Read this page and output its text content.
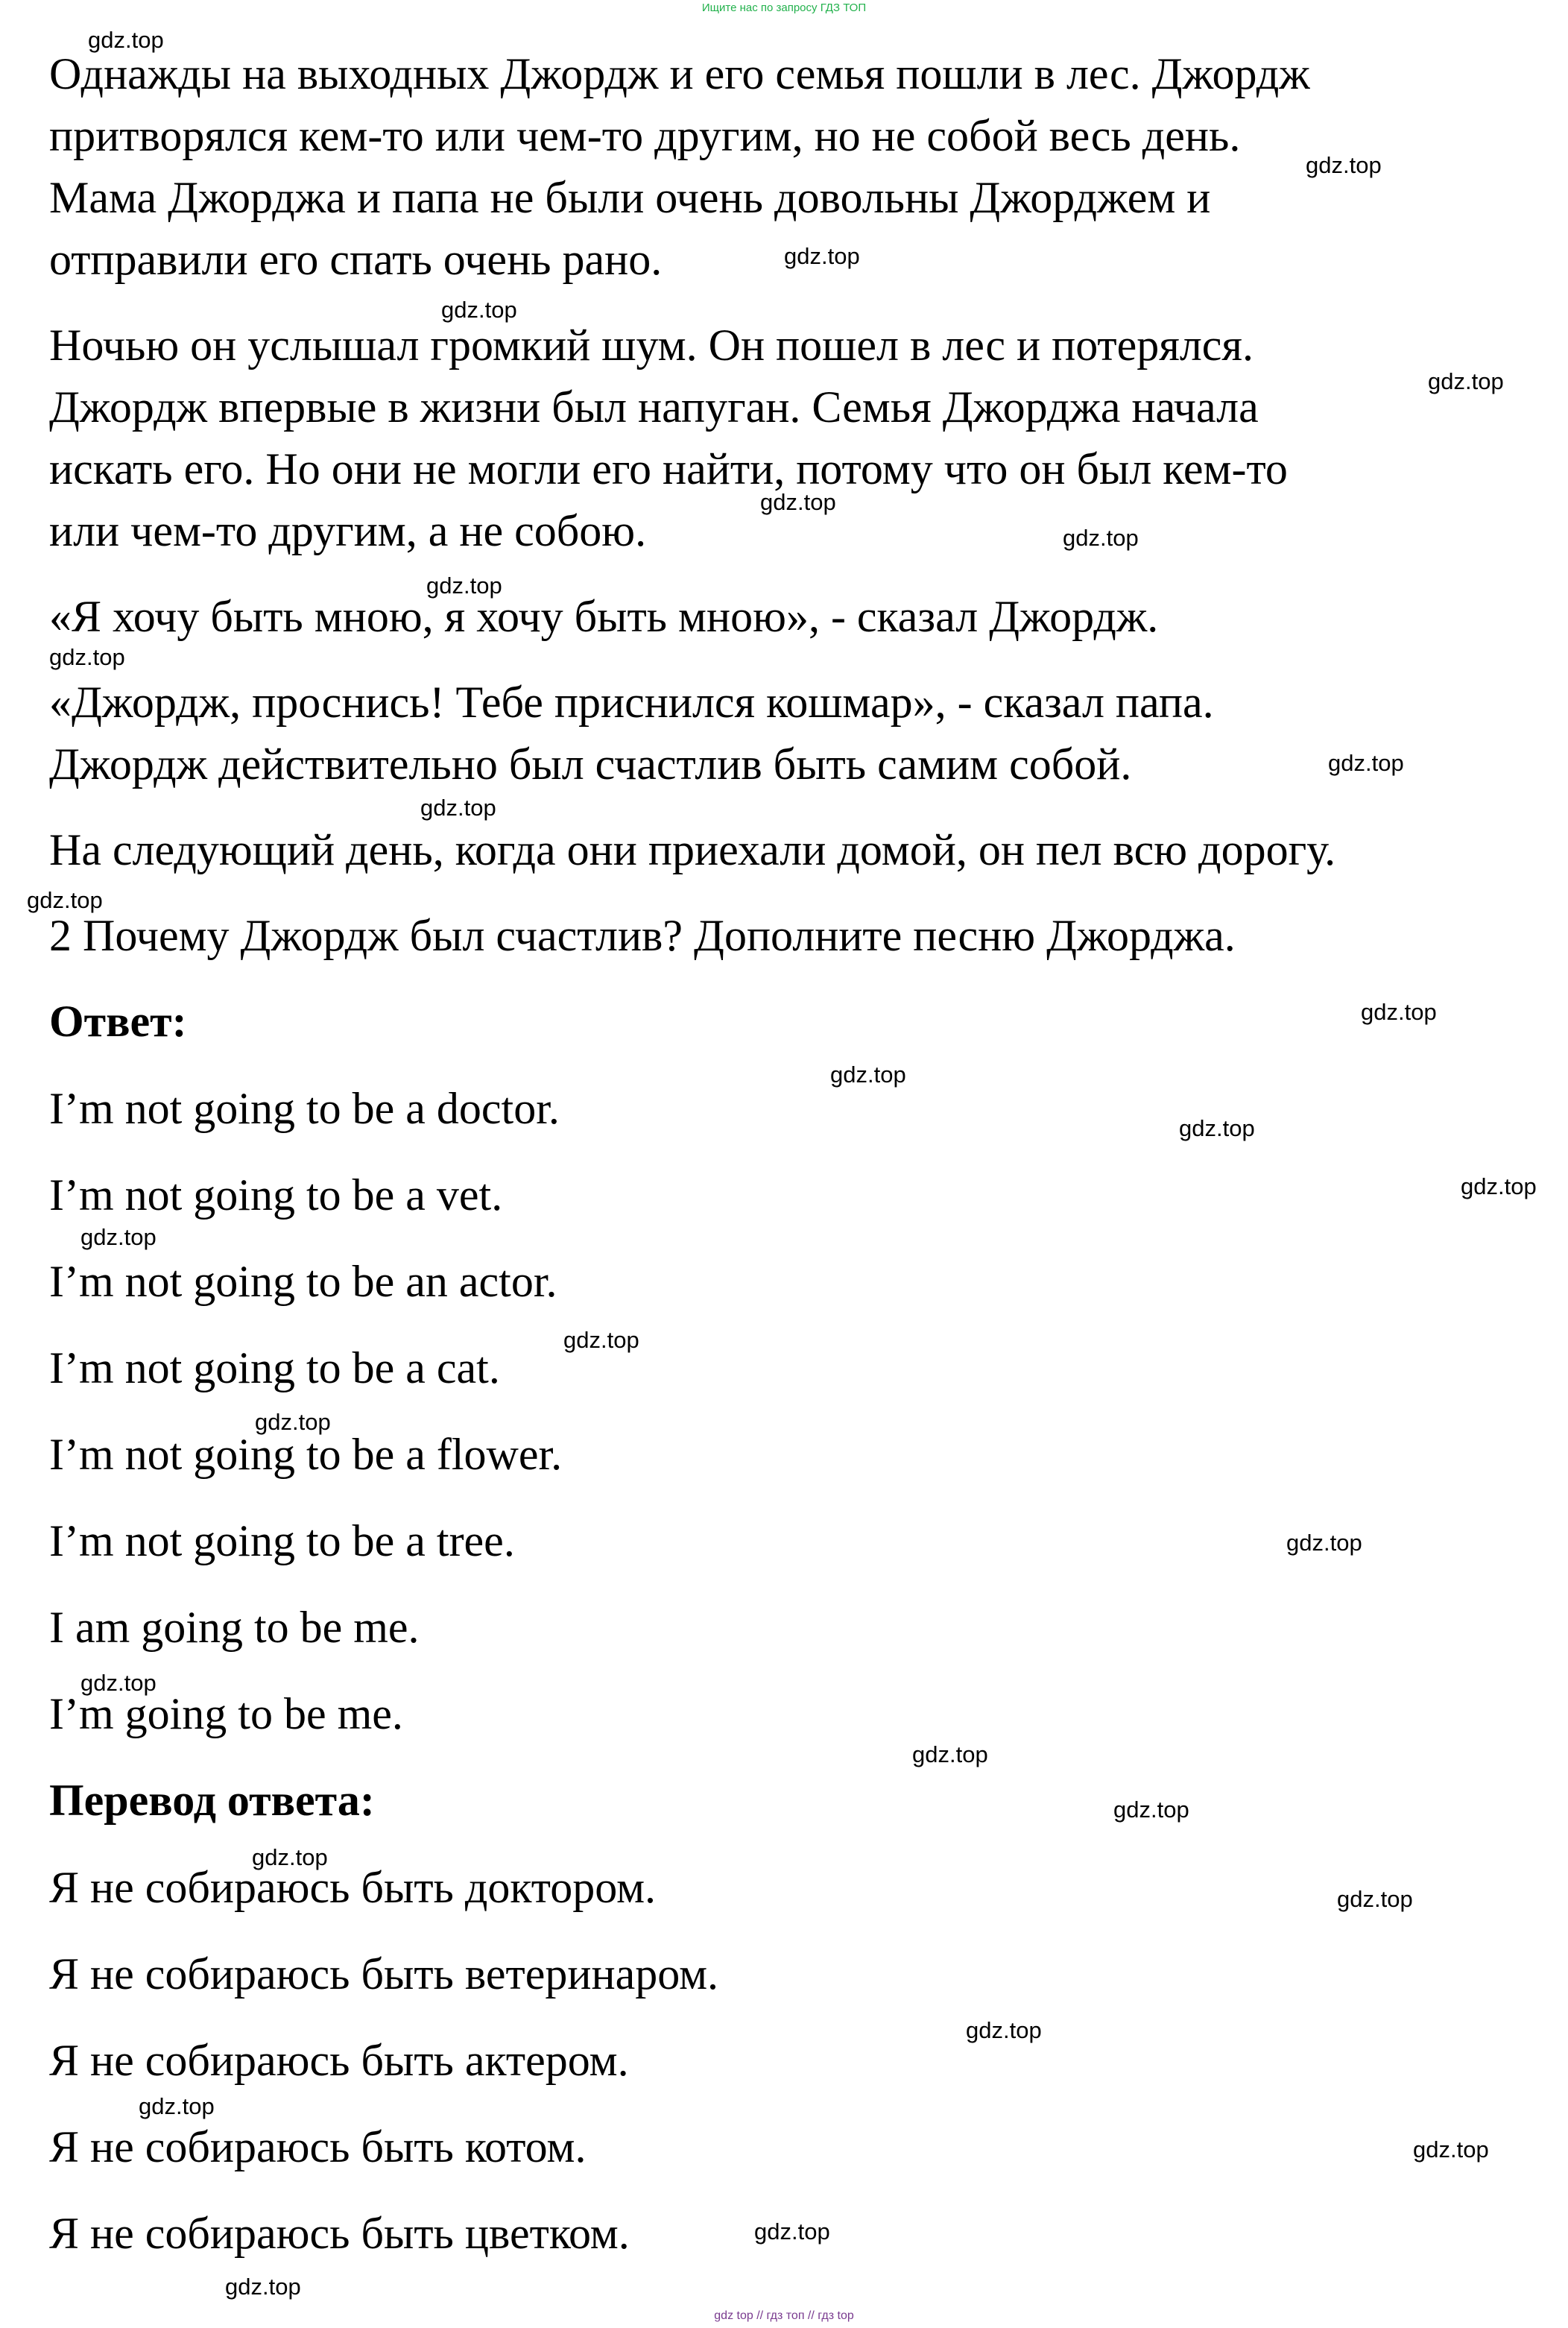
Ищите нас по запросу ГДЗ ТОП

Однажды на выходных Джордж и его семья пошли в лес. Джордж

притворялся кем-то или чем-то другим, но не собой весь день.

Мама Джорджа и папа не были очень довольны Джорджем и

отправили его спать очень рано.

Ночью он услышал громкий шум. Он пошел в лес и потерялся.

Джордж впервые в жизни был напуган. Семья Джорджа начала

искать его. Но они не могли его найти, потому что он был кем-то

или чем-то другим, а не собою.

«Я хочу быть мною, я хочу быть мною», - сказал Джордж.

«Джордж, проснись! Тебе приснился кошмар», - сказал папа.

Джордж действительно был счастлив быть самим собой.

На следующий день, когда они приехали домой, он пел всю дорогу.

2 Почему Джордж был счастлив? Дополните песню Джорджа.

Ответ:

I’m not going to be a doctor.

I’m not going to be a vet.

I’m not going to be an actor.

I’m not going to be a cat.

I’m not going to be a flower.

I’m not going to be a tree.

I am going to be me.

I’m going to be me.

Перевод ответа:

Я не собираюсь быть доктором.

Я не собираюсь быть ветеринаром.

Я не собираюсь быть актером.

Я не собираюсь быть котом.

Я не собираюсь быть цветком.

gdz.top
gdz.top
gdz.top
gdz.top
gdz.top
gdz.top
gdz.top
gdz.top
gdz.top
gdz.top
gdz.top
gdz.top
gdz.top
gdz.top
gdz.top
gdz.top
gdz.top
gdz.top
gdz.top
gdz.top
gdz.top
gdz.top
gdz.top
gdz.top
gdz.top
gdz.top
gdz.top
gdz.top
gdz.top
gdz.top
gdz top // гдз топ // гдз top
